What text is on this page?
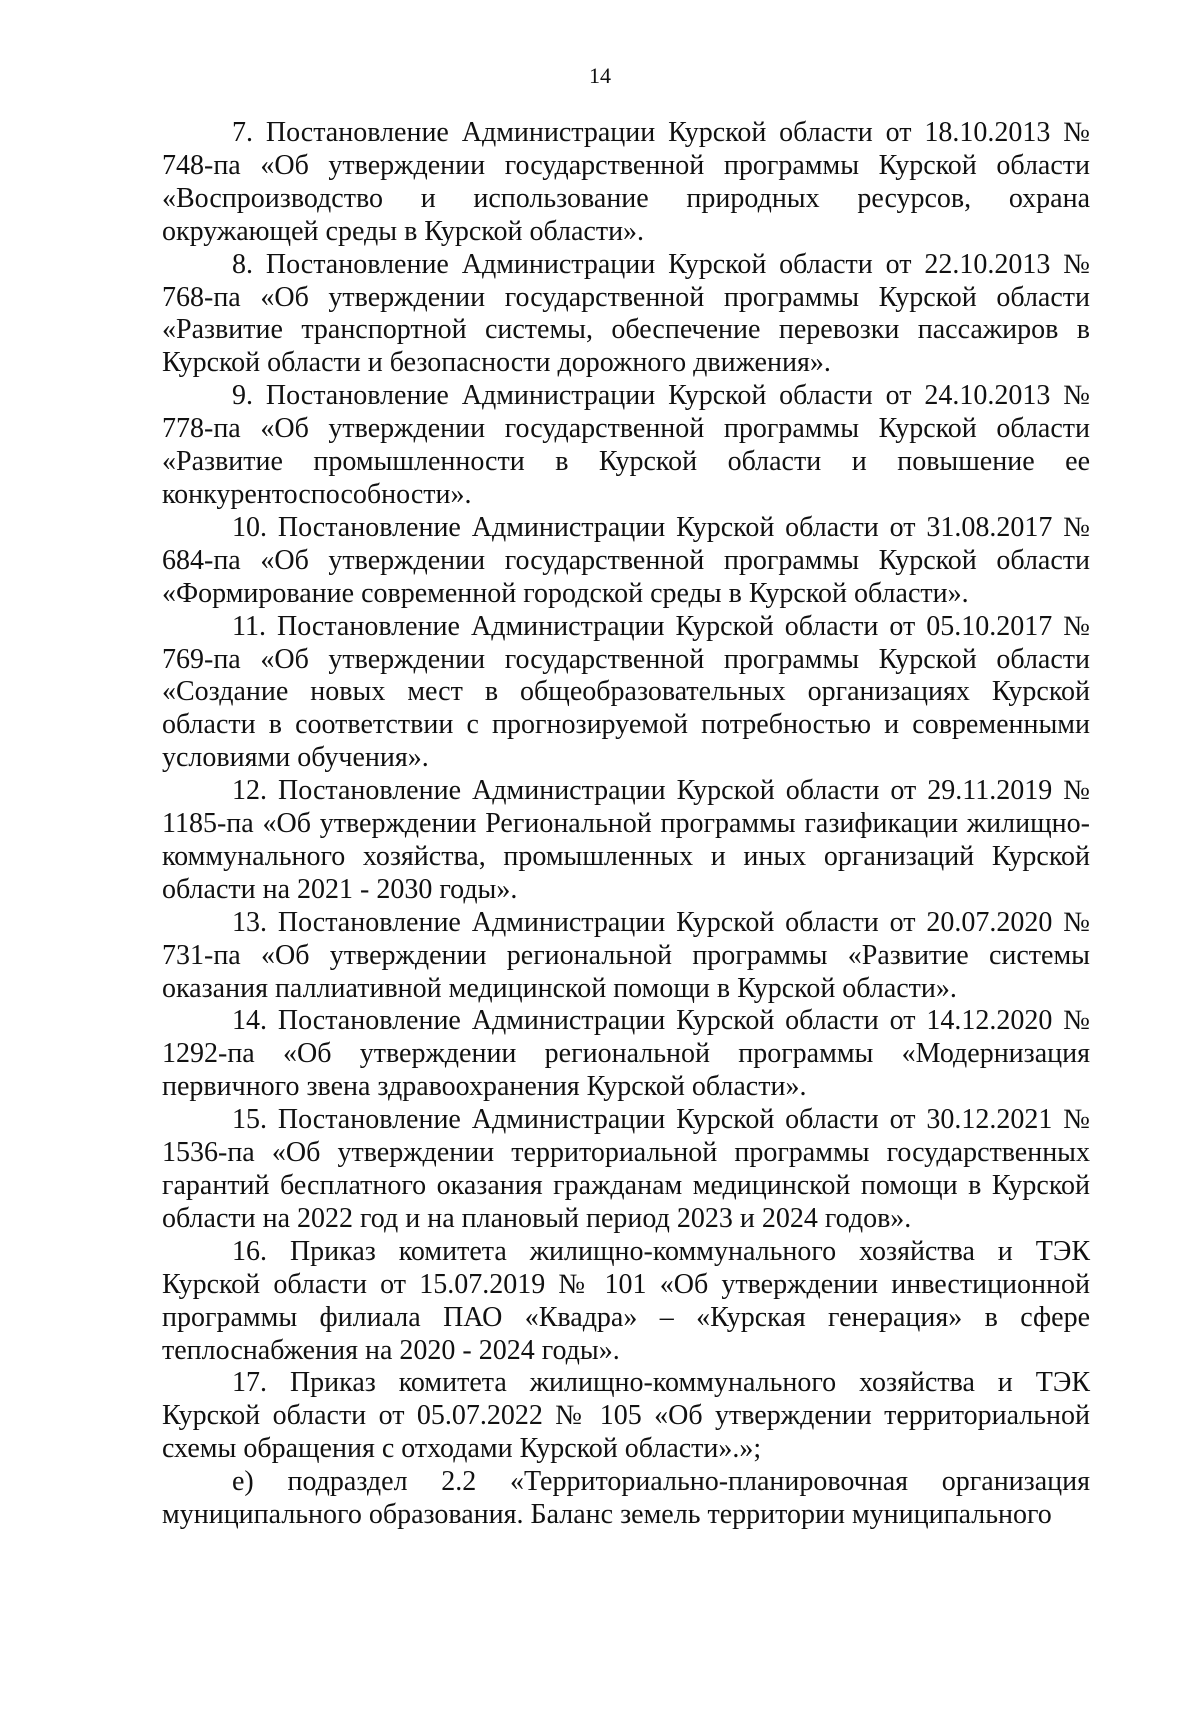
14

7. Постановление Администрации Курской области от 18.10.2013 № 748-па «Об утверждении государственной программы Курской области «Воспроизводство и использование природных ресурсов, охрана окружающей среды в Курской области».

8. Постановление Администрации Курской области от 22.10.2013 № 768-па «Об утверждении государственной программы Курской области «Развитие транспортной системы, обеспечение перевозки пассажиров в Курской области и безопасности дорожного движения».

9. Постановление Администрации Курской области от 24.10.2013 № 778-па «Об утверждении государственной программы Курской области «Развитие промышленности в Курской области и повышение ее конкурентоспособности».

10. Постановление Администрации Курской области от 31.08.2017 № 684-па «Об утверждении государственной программы Курской области «Формирование современной городской среды в Курской области».

11. Постановление Администрации Курской области от 05.10.2017 № 769-па «Об утверждении государственной программы Курской области «Создание новых мест в общеобразовательных организациях Курской области в соответствии с прогнозируемой потребностью и современными условиями обучения».

12. Постановление Администрации Курской области от 29.11.2019 № 1185-па «Об утверждении Региональной программы газификации жилищно-коммунального хозяйства, промышленных и иных организаций Курской области на 2021 - 2030 годы».

13. Постановление Администрации Курской области от 20.07.2020 № 731-па «Об утверждении региональной программы «Развитие системы оказания паллиативной медицинской помощи в Курской области».

14. Постановление Администрации Курской области от 14.12.2020 № 1292-па «Об утверждении региональной программы «Модернизация первичного звена здравоохранения Курской области».

15. Постановление Администрации Курской области от 30.12.2021 № 1536-па «Об утверждении территориальной программы государственных гарантий бесплатного оказания гражданам медицинской помощи в Курской области на 2022 год и на плановый период 2023 и 2024 годов».

16. Приказ комитета жилищно-коммунального хозяйства и ТЭК Курской области от 15.07.2019 № 101 «Об утверждении инвестиционной программы филиала ПАО «Квадра» – «Курская генерация» в сфере теплоснабжения на 2020 - 2024 годы».

17. Приказ комитета жилищно-коммунального хозяйства и ТЭК Курской области от 05.07.2022 № 105 «Об утверждении территориальной схемы обращения с отходами Курской области».»;

е) подраздел 2.2 «Территориально-планировочная организация муниципального образования. Баланс земель территории муниципального
